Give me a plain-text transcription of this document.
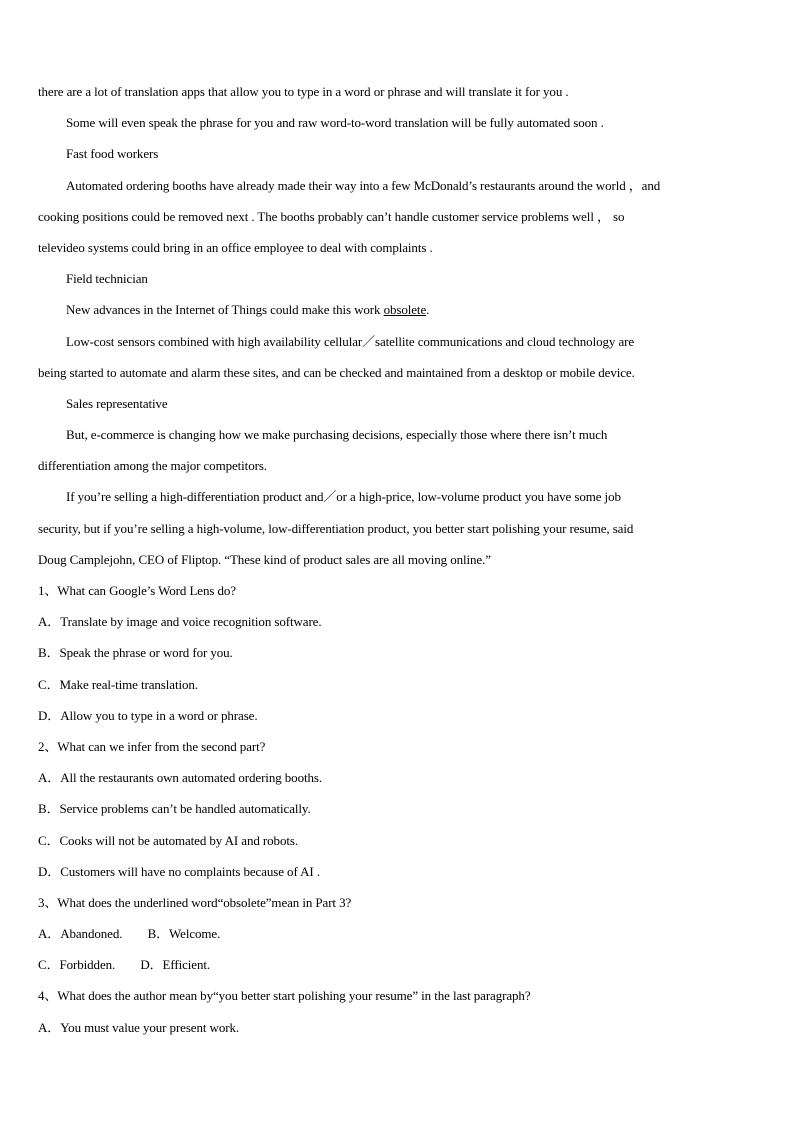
there are a lot of translation apps that allow you to type in a word or phrase and will translate it for you .
Some will even speak the phrase for you and raw word-to-word translation will be fully automated soon .
Fast food workers
Automated ordering booths have already made their way into a few McDonald’s restaurants around the world ，and
cooking positions could be removed next . The booths probably can’t handle customer service problems well ， so
televideo systems could bring in an office employee to deal with complaints .
Field technician
New advances in the Internet of Things could make this work obsolete.
Low-cost sensors combined with high availability cellular／satellite communications and cloud technology are
being started to automate and alarm these sites, and can be checked and maintained from a desktop or mobile device.
Sales representative
But, e-commerce is changing how we make purchasing decisions, especially those where there isn’t much
differentiation among the major competitors.
If you’re selling a high-differentiation product and／or a high-price, low-volume product you have some job
security, but if you’re selling a high-volume, low-differentiation product, you better start polishing your resume, said
Doug Camplejohn, CEO of Fliptop. “These kind of product sales are all moving online.”
1、What can Google’s Word Lens do?
A．Translate by image and voice recognition software.
B．Speak the phrase or word for you.
C．Make real-time translation.
D．Allow you to type in a word or phrase.
2、What can we infer from the second part?
A．All the restaurants own automated ordering booths.
B．Service problems can’t be handled automatically.
C．Cooks will not be automated by AI and robots.
D．Customers will have no complaints because of AI .
3、What does the underlined word“obsolete”mean in Part 3?
A．Abandoned.        B．Welcome.
C．Forbidden.        D．Efficient.
4、What does the author mean by“you better start polishing your resume” in the last paragraph?
A．You must value your present work.
